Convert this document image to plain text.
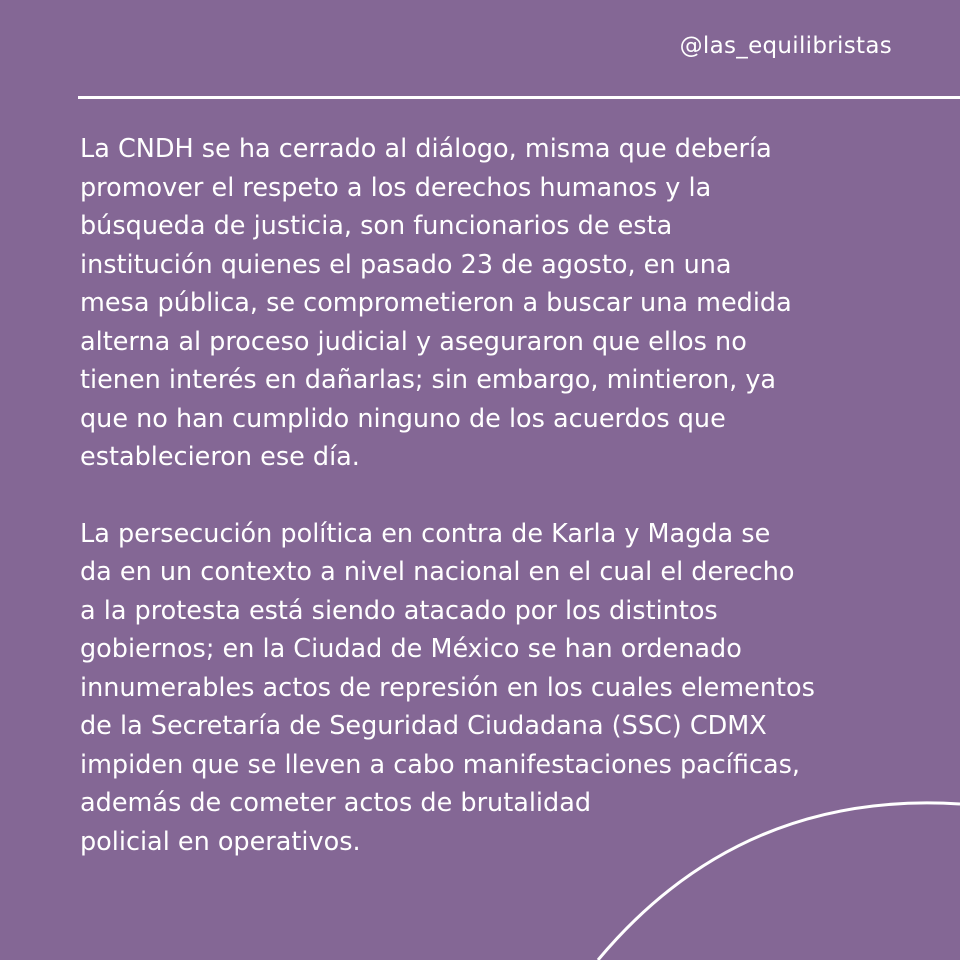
@las_equilibristas

La CNDH se ha cerrado al diálogo, misma que debería
promover el respeto a los derechos humanos y la
búsqueda de justicia, son funcionarios de esta
institución quienes el pasado 23 de agosto, en una
mesa pública, se comprometieron a buscar una medida
alterna al proceso judicial y aseguraron que ellos no
tienen interés en dañarlas; sin embargo, mintieron, ya
que no han cumplido ninguno de los acuerdos que
establecieron ese día.

La persecución política en contra de Karla y Magda se
da en un contexto a nivel nacional en el cual el derecho
a la protesta está siendo atacado por los distintos
gobiernos; en la Ciudad de México se han ordenado
innumerables actos de represión en los cuales elementos
de la Secretaría de Seguridad Ciudadana (SSC) CDMX
impiden que se lleven a cabo manifestaciones pacíficas,
además de cometer actos de brutalidad
policial en operativos.
